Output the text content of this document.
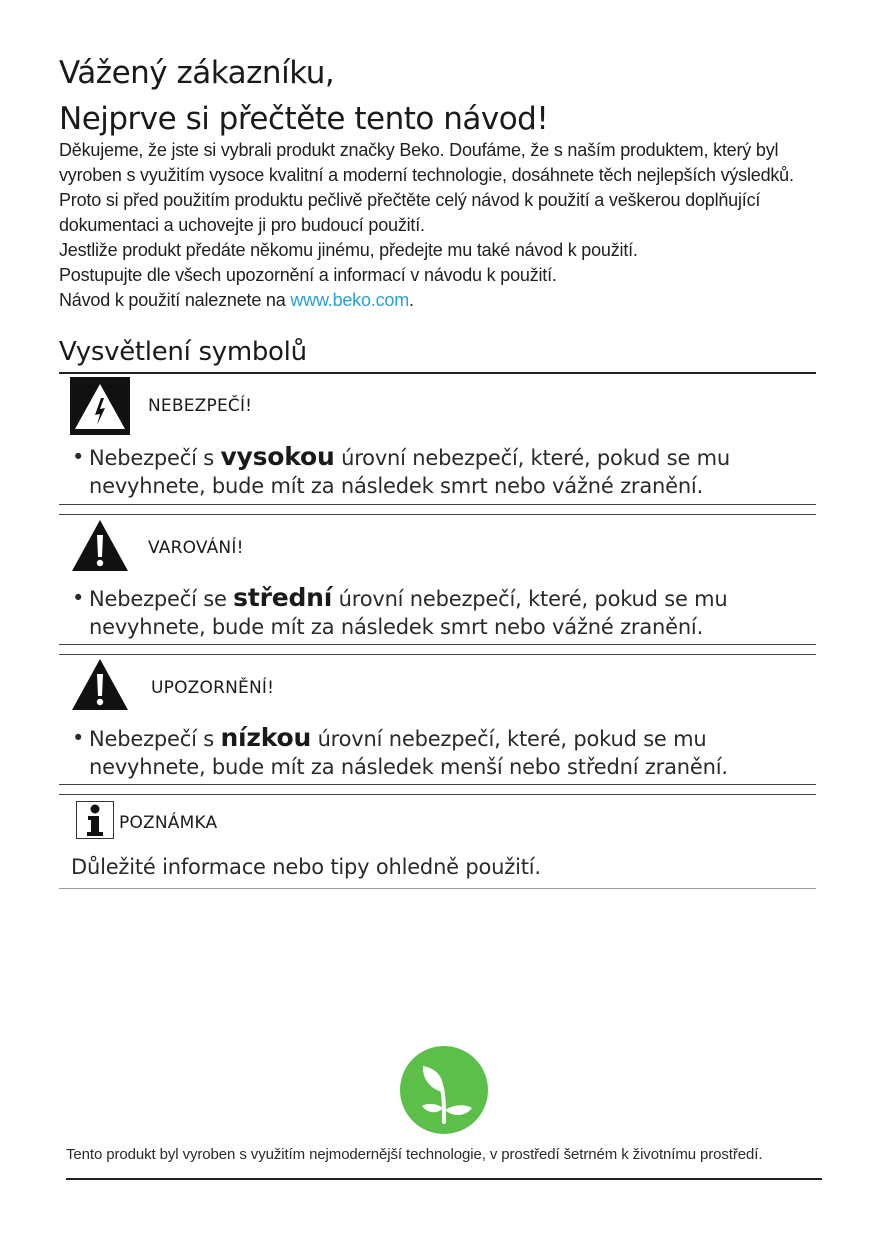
Vážený zákazníku,
Nejprve si přečtěte tento návod!

Děkujeme, že jste si vybrali produkt značky Beko. Doufáme, že s naším produktem, který byl vyroben s využitím vysoce kvalitní a moderní technologie, dosáhnete těch nejlepších výsledků.

Proto si před použitím produktu pečlivě přečtěte celý návod k použití a veškerou doplňující dokumentaci a uchovejte ji pro budoucí použití.

Jestliže produkt předáte někomu jinému, předejte mu také návod k použití.

Postupujte dle všech upozornění a informací v návodu k použití.

Návod k použití naleznete na www.beko.com.

Vysvětlení symbolů
NEBEZPEČÍ!
• Nebezpečí s vysokou úrovní nebezpečí, které, pokud se mu nevyhnete, bude mít za následek smrt nebo vážné zranění.
VAROVÁNÍ!
• Nebezpečí se střední úrovní nebezpečí, které, pokud se mu nevyhnete, bude mít za následek smrt nebo vážné zranění.
UPOZORNĚNÍ!
• Nebezpečí s nízkou úrovní nebezpečí, které, pokud se mu nevyhnete, bude mít za následek menší nebo střední zranění.
POZNÁMKA
Důležité informace nebo tipy ohledně použití.
Tento produkt byl vyroben s využitím nejmodernější technologie, v prostředí šetrném k životnímu prostředí.
